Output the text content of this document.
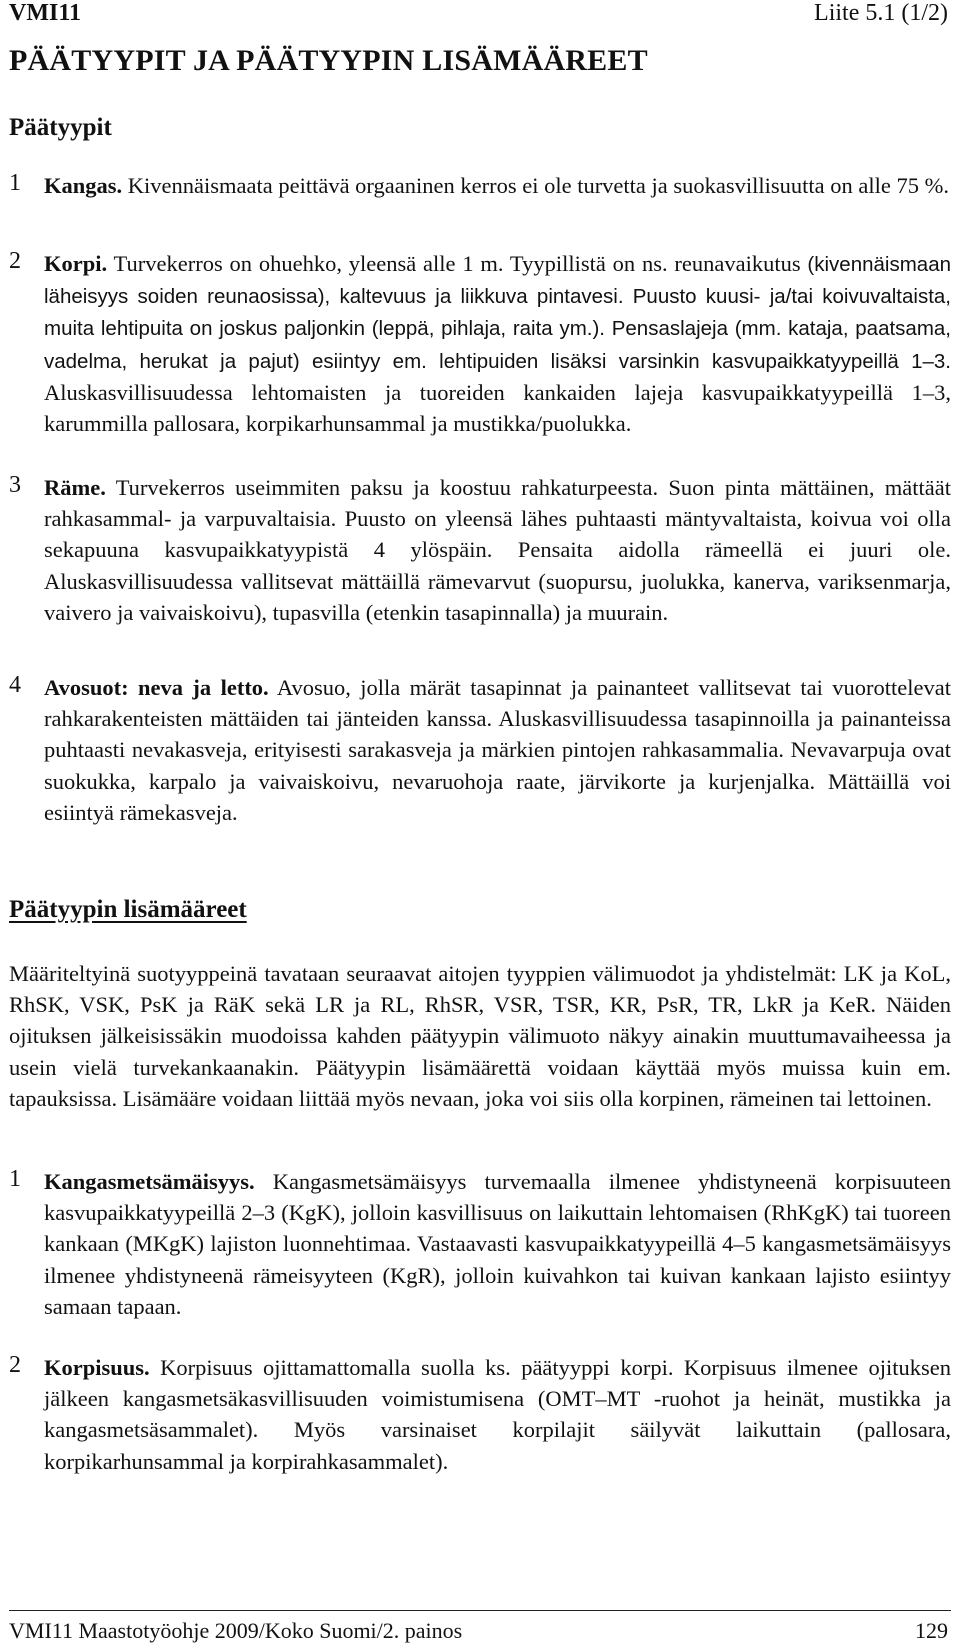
VMI11	Liite 5.1 (1/2)
PÄÄTYYPIT JA PÄÄTYYPIN LISÄMÄÄREET
Päätyypit
1 Kangas. Kivennäismaata peittävä orgaaninen kerros ei ole turvetta ja suokasvillisuutta on alle 75 %.
2 Korpi. Turvekerros on ohuehko, yleensä alle 1 m. Tyypillistä on ns. reunavaikutus (kivennäismaan läheisyys soiden reunaosissa), kaltevuus ja liikkuva pintavesi. Puusto kuusi- ja/tai koivuvaltaista, muita lehtipuita on joskus paljonkin (leppä, pihlaja, raita ym.). Pensaslajeja (mm. kataja, paatsama, vadelma, herukat ja pajut) esiintyy em. lehtipuiden lisäksi varsinkin kasvupaikkatyypeillä 1–3. Aluskasvillisuudessa lehtomaisten ja tuoreiden kankaiden lajeja kasvupaikkatyypeillä 1–3, karummilla pallosara, korpikarhunsammal ja mustikka/puolukka.
3 Räme. Turvekerros useimmiten paksu ja koostuu rahkaturpeesta. Suon pinta mättäinen, mättäät rahkasammal- ja varpuvaltaisia. Puusto on yleensä lähes puhtaasti mäntyvaltaista, koivua voi olla sekapuuna kasvupaikkatyypistä 4 ylöspäin. Pensaita aidolla rämeellä ei juuri ole. Aluskasvillisuudessa vallitsevat mättäillä rämevarvut (suopursu, juolukka, kanerva, variksenmarja, vaivero ja vaivaiskoivu), tupasvilla (etenkin tasapinnalla) ja muurain.
4 Avosuot: neva ja letto. Avosuo, jolla märät tasapinnat ja painanteet vallitsevat tai vuorottelevat rahkarakenteisten mättäiden tai jänteiden kanssa. Aluskasvillisuudessa tasapinnoilla ja painanteissa puhtaasti nevakasveja, erityisesti sarakasveja ja märkien pintojen rahkasammalia. Nevavarpuja ovat suokukka, karpalo ja vaivaiskoivu, nevaruohoja raate, järvikorte ja kurjenjalka. Mättäillä voi esiintyä rämekasveja.
Päätyypin lisämääreet
Määriteltyinä suotyyppeinä tavataan seuraavat aitojen tyyppien välimuodot ja yhdistelmät: LK ja KoL, RhSK, VSK, PsK ja RäK sekä LR ja RL, RhSR, VSR, TSR, KR, PsR, TR, LkR ja KeR. Näiden ojituksen jälkeisissäkin muodoissa kahden päätyypin välimuoto näkyy ainakin muuttumavaiheessa ja usein vielä turvekankaanakin. Päätyypin lisämäärettä voidaan käyttää myös muissa kuin em. tapauksissa. Lisämääre voidaan liittää myös nevaan, joka voi siis olla korpinen, rämeinen tai lettoinen.
1 Kangasmetsämäisyys. Kangasmetsämäisyys turvemaalla ilmenee yhdistyneenä korpisuuteen kasvupaikkatyypeillä 2–3 (KgK), jolloin kasvillisuus on laikuttain lehtomaisen (RhKgK) tai tuoreen kankaan (MKgK) lajiston luonnehtimaa. Vastaavasti kasvupaikkatyypeillä 4–5 kangasmetsämäisyys ilmenee yhdistyneenä rämeisyyteen (KgR), jolloin kuivahkon tai kuivan kankaan lajisto esiintyy samaan tapaan.
2 Korpisuus. Korpisuus ojittamattomalla suolla ks. päätyyppi korpi. Korpisuus ilmenee ojituksen jälkeen kangasmetsäkasvillisuuden voimistumisena (OMT–MT -ruohot ja heinät, mustikka ja kangasmetsäsammalet). Myös varsinaiset korpilajit säilyvät laikuttain (pallosara, korpikarhunsammal ja korpirahkasammalet).
VMI11 Maastotyöohje 2009/Koko Suomi/2. painos	129
